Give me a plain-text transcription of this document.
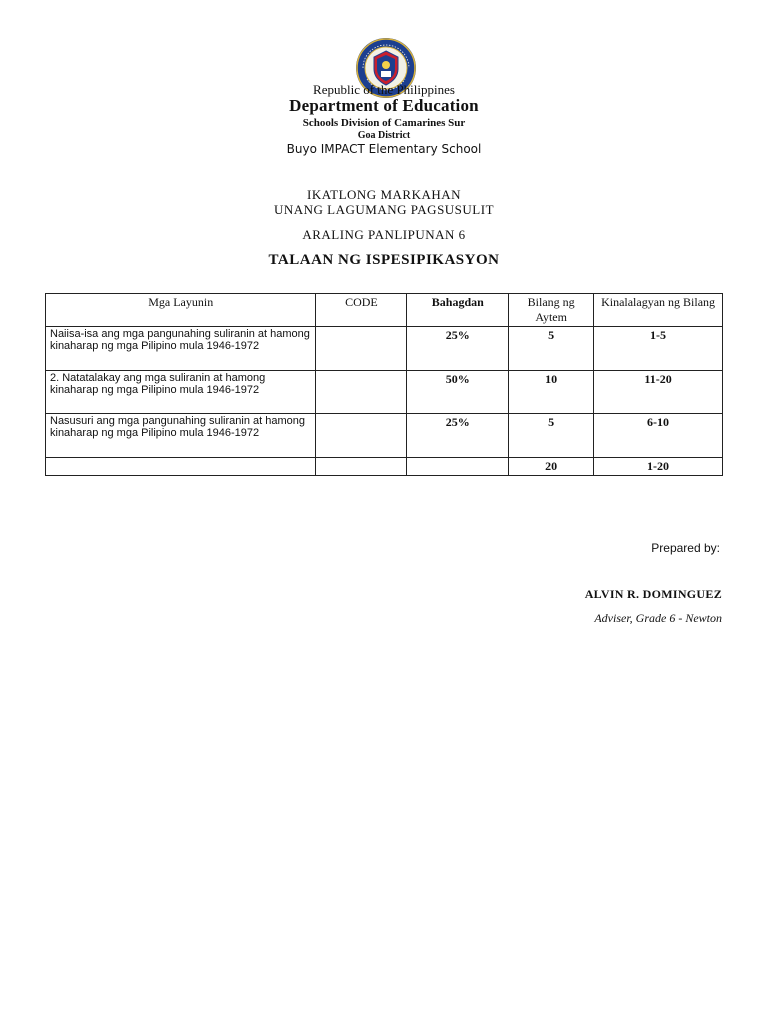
Republic of the Philippines
Department of Education
Schools Division of Camarines Sur
Goa District
Buyo IMPACT Elementary School
IKATLONG MARKAHAN
UNANG LAGUMANG PAGSUSULIT
ARALING PANLIPUNAN 6
TALAAN NG ISPESIPIKASYON
Mga Layunin	CODE	Bahagdan	Bilang ng Aytem	Kinalalagyan ng Bilang
Naiisa-isa ang mga pangunahing suliranin at hamong kinaharap ng mga Pilipino mula 1946-1972		25%	5	1-5
2. Natatalakay ang mga suliranin at hamong kinaharap ng mga Pilipino mula 1946-1972		50%	10	11-20
Nasusuri ang mga pangunahing suliranin at hamong kinaharap ng mga Pilipino mula 1946-1972		25%	5	6-10
			20	1-20
Prepared by:
ALVIN R. DOMINGUEZ
Adviser, Grade 6 - Newton
